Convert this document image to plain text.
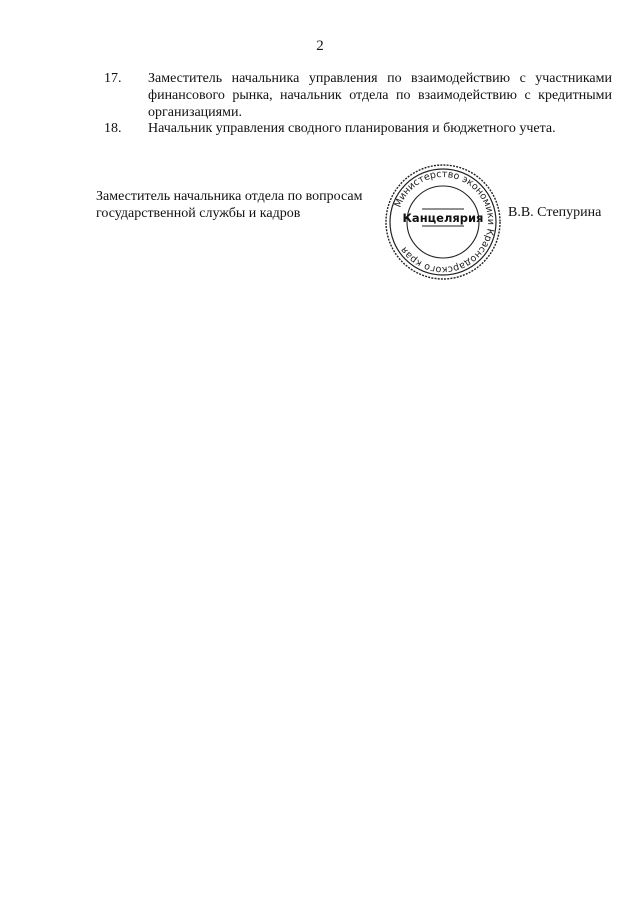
2
17. Заместитель начальника управления по взаимодействию с участниками финансового рынка, начальник отдела по взаимодействию с кредитными организациями.
18. Начальник управления сводного планирования и бюджетного учета.
Заместитель начальника отдела по вопросам
государственной службы и кадров	В.В. Степурина
Министерство экономики Краснодарского края
Канцелярия
